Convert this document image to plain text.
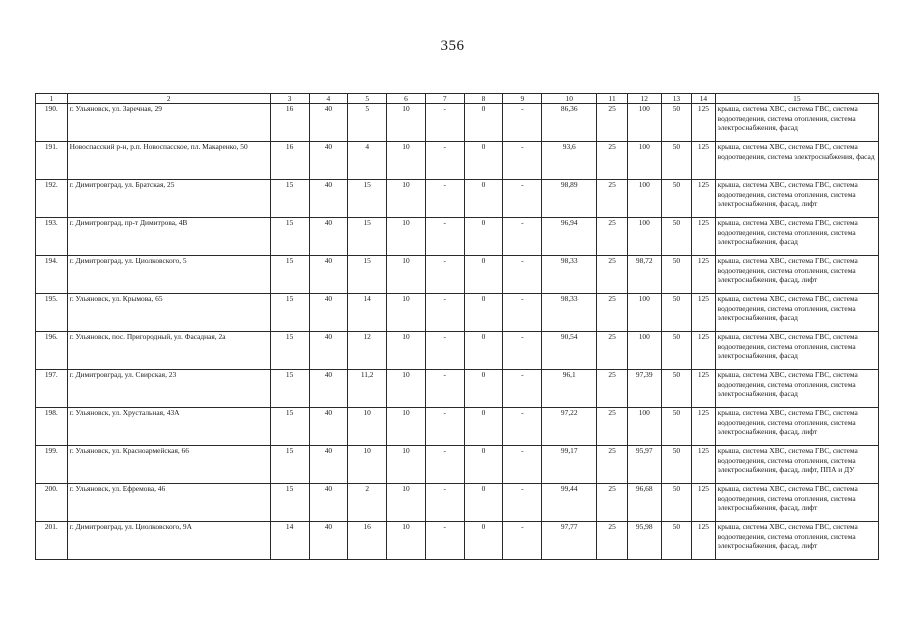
356
1	2	3	4	5	6	7	8	9	10	11	12	13	14	15
190.	г. Ульяновск, ул. Заречная, 29	16	40	5	10	-	0	-	86,36	25	100	50	125	крыша, система ХВС, система ГВС, система водоотведения, система отопления, система электроснабжения, фасад
191.	Новоспасский р-н, р.п. Новоспасское, пл. Макаренко, 50	16	40	4	10	-	0	-	93,6	25	100	50	125	крыша, система ХВС, система ГВС, система водоотведения, система электроснабжения, фасад
192.	г. Димитровград, ул. Братская, 25	15	40	15	10	-	0	-	98,89	25	100	50	125	крыша, система ХВС, система ГВС, система водоотведения, система отопления, система электроснабжения, фасад, лифт
193.	г. Димитровград, пр-т Димитрова, 4В	15	40	15	10	-	0	-	96,94	25	100	50	125	крыша, система ХВС, система ГВС, система водоотведения, система отопления, система электроснабжения, фасад
194.	г. Димитровград, ул. Циолковского, 5	15	40	15	10	-	0	-	98,33	25	98,72	50	125	крыша, система ХВС, система ГВС, система водоотведения, система отопления, система электроснабжения, фасад, лифт
195.	г. Ульяновск, ул. Крымова, 65	15	40	14	10	-	0	-	98,33	25	100	50	125	крыша, система ХВС, система ГВС, система водоотведения, система отопления, система электроснабжения, фасад
196.	г. Ульяновск, пос. Пригородный, ул. Фасадная, 2а	15	40	12	10	-	0	-	90,54	25	100	50	125	крыша, система ХВС, система ГВС, система водоотведения, система отопления, система электроснабжения, фасад
197.	г. Димитровград, ул. Свирская, 23	15	40	11,2	10	-	0	-	96,1	25	97,39	50	125	крыша, система ХВС, система ГВС, система водоотведения, система отопления, система электроснабжения, фасад
198.	г. Ульяновск, ул. Хрустальная, 43А	15	40	10	10	-	0	-	97,22	25	100	50	125	крыша, система ХВС, система ГВС, система водоотведения, система отопления, система электроснабжения, фасад, лифт
199.	г. Ульяновск, ул. Красноармейская, 66	15	40	10	10	-	0	-	99,17	25	95,97	50	125	крыша, система ХВС, система ГВС, система водоотведения, система отопления, система электроснабжения, фасад, лифт, ППА и ДУ
200.	г. Ульяновск, ул. Ефремова, 46	15	40	2	10	-	0	-	99,44	25	96,68	50	125	крыша, система ХВС, система ГВС, система водоотведения, система отопления, система электроснабжения, фасад, лифт
201.	г. Димитровград, ул. Циолковского, 9А	14	40	16	10	-	0	-	97,77	25	95,98	50	125	крыша, система ХВС, система ГВС, система водоотведения, система отопления, система электроснабжения, фасад, лифт
